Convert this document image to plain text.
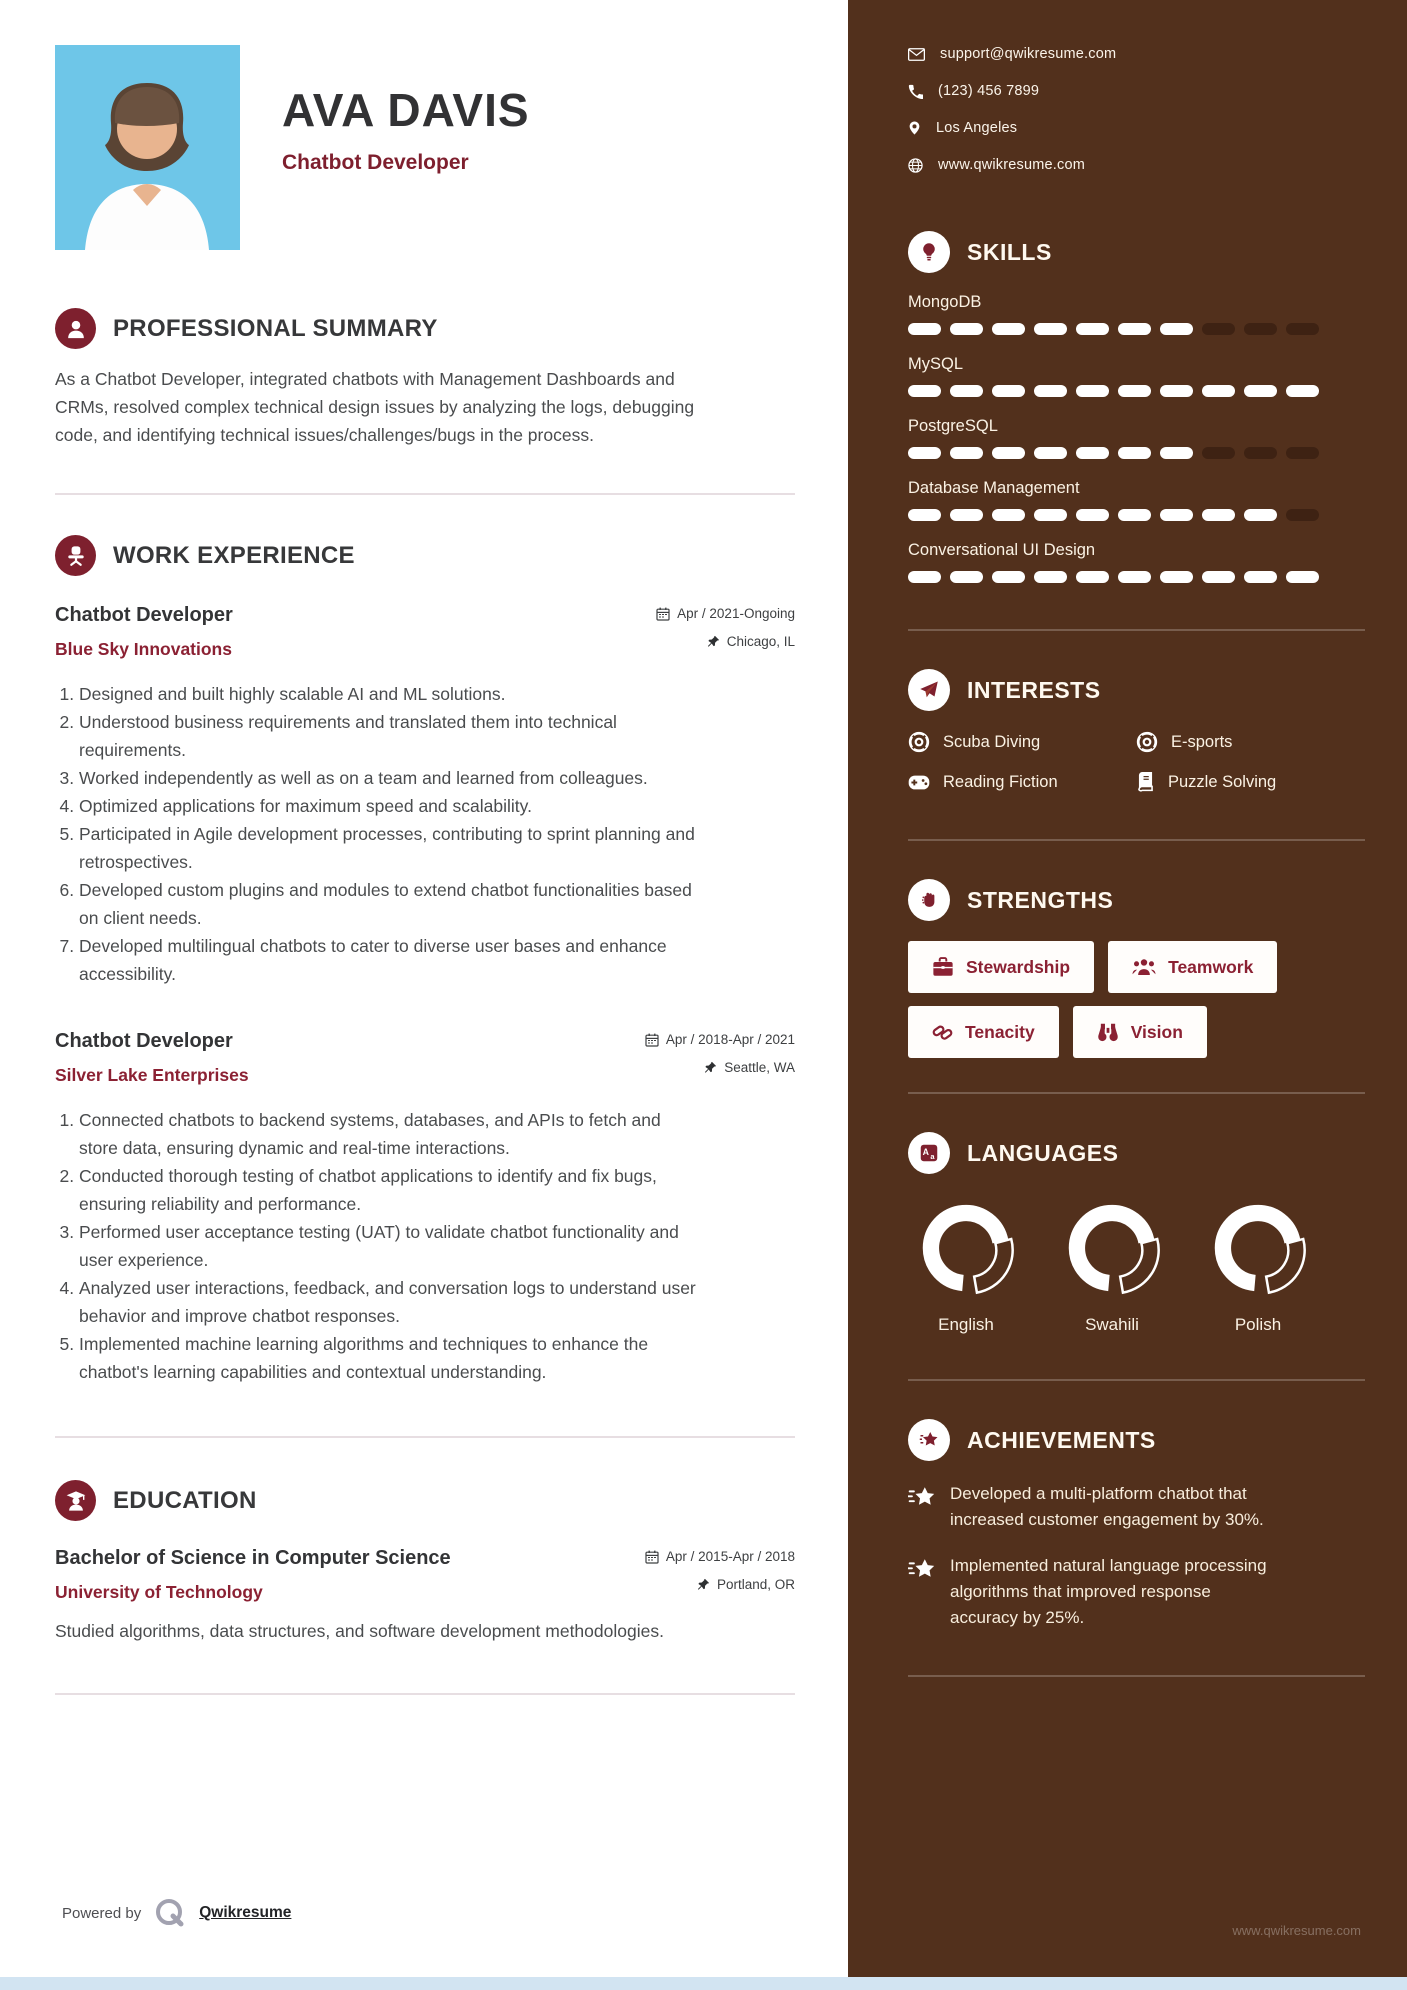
AVA DAVIS
Chatbot Developer
PROFESSIONAL SUMMARY

As a Chatbot Developer, integrated chatbots with Management Dashboards and CRMs, resolved complex technical design issues by analyzing the logs, debugging code, and identifying technical issues/challenges/bugs in the process.

WORK EXPERIENCE
Chatbot Developer
Blue Sky Innovations
Apr / 2021-Ongoing
Chicago, IL
1. Designed and built highly scalable AI and ML solutions.
2. Understood business requirements and translated them into technical requirements.
3. Worked independently as well as on a team and learned from colleagues.
4. Optimized applications for maximum speed and scalability.
5. Participated in Agile development processes, contributing to sprint planning and retrospectives.
6. Developed custom plugins and modules to extend chatbot functionalities based on client needs.
7. Developed multilingual chatbots to cater to diverse user bases and enhance accessibility.
Chatbot Developer
Silver Lake Enterprises
Apr / 2018-Apr / 2021
Seattle, WA
1. Connected chatbots to backend systems, databases, and APIs to fetch and store data, ensuring dynamic and real-time interactions.
2. Conducted thorough testing of chatbot applications to identify and fix bugs, ensuring reliability and performance.
3. Performed user acceptance testing (UAT) to validate chatbot functionality and user experience.
4. Analyzed user interactions, feedback, and conversation logs to understand user behavior and improve chatbot responses.
5. Implemented machine learning algorithms and techniques to enhance the chatbot's learning capabilities and contextual understanding.
EDUCATION
Bachelor of Science in Computer Science
University of Technology
Apr / 2015-Apr / 2018
Portland, OR

Studied algorithms, data structures, and software development methodologies.

Powered by	Qwikresume
support@qwikresume.com
(123) 456 7899
Los Angeles
www.qwikresume.com
SKILLS
MongoDB
MySQL
PostgreSQL
Database Management
Conversational UI Design
INTERESTS
Scuba Diving	E-sports
Reading Fiction	Puzzle Solving
STRENGTHS
Stewardship	Teamwork
Tenacity	Vision
A a LANGUAGES
English	Swahili	Polish
ACHIEVEMENTS
Developed a multi-platform chatbot that increased customer engagement by 30%.
Implemented natural language processing algorithms that improved response accuracy by 25%.
www.qwikresume.com
